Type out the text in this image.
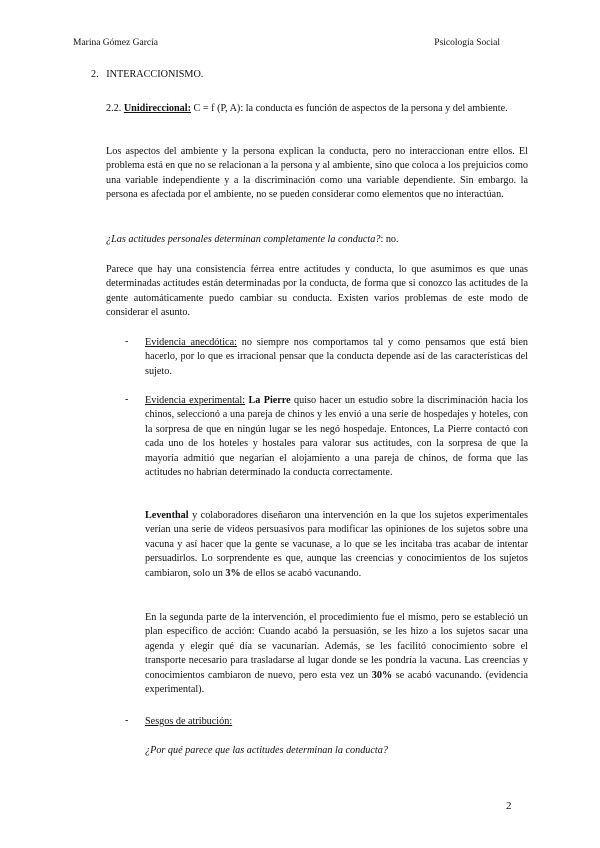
Marina Gómez García	Psicología Social
2. INTERACCIONISMO.

2.2. Unidireccional: C = f (P, A): la conducta es función de aspectos de la persona y del ambiente.

Los aspectos del ambiente y la persona explican la conducta, pero no interaccionan entre ellos. El problema está en que no se relacionan a la persona y al ambiente, sino que coloca a los prejuicios como una variable independiente y a la discriminación como una variable dependiente. Sin embargo. la persona es afectada por el ambiente, no se pueden considerar como elementos que no interactúan.

¿Las actitudes personales determinan completamente la conducta?: no.

Parece que hay una consistencia férrea entre actitudes y conducta, lo que asumimos es que unas determinadas actitudes están determinadas por la conducta, de forma que si conozco las actitudes de la gente automáticamente puedo cambiar su conducta. Existen varios problemas de este modo de considerar el asunto.

- Evidencia anecdótica: no siempre nos comportamos tal y como pensamos que está bien hacerlo, por lo que es irracional pensar que la conducta depende así de las características del sujeto.

- Evidencia experimental: La Pierre quiso hacer un estudio sobre la discriminación hacia los chinos, seleccionó a una pareja de chinos y les envió a una serie de hospedajes y hoteles, con la sorpresa de que en ningún lugar se les negó hospedaje. Entonces, La Pierre contactó con cada uno de los hoteles y hostales para valorar sus actitudes, con la sorpresa de que la mayoría admitió que negarían el alojamiento a una pareja de chinos, de forma que las actitudes no habrían determinado la conducta correctamente.

Leventhal y colaboradores diseñaron una intervención en la que los sujetos experimentales verían una serie de videos persuasivos para modificar las opiniones de los sujetos sobre una vacuna y así hacer que la gente se vacunase, a lo que se les incitaba tras acabar de intentar persuadirlos. Lo sorprendente es que, aunque las creencias y conocimientos de los sujetos cambiaron, solo un 3% de ellos se acabó vacunando.

En la segunda parte de la intervención, el procedimiento fue el mismo, pero se estableció un plan específico de acción: Cuando acabó la persuasión, se les hizo a los sujetos sacar una agenda y elegir qué día se vacunarían. Además, se les facilitó conocimiento sobre el transporte necesario para trasladarse al lugar donde se les pondría la vacuna. Las creencias y conocimientos cambiaron de nuevo, pero esta vez un 30% se acabó vacunando. (evidencia experimental).

- Sesgos de atribución:

¿Por qué parece que las actitudes determinan la conducta?

2
